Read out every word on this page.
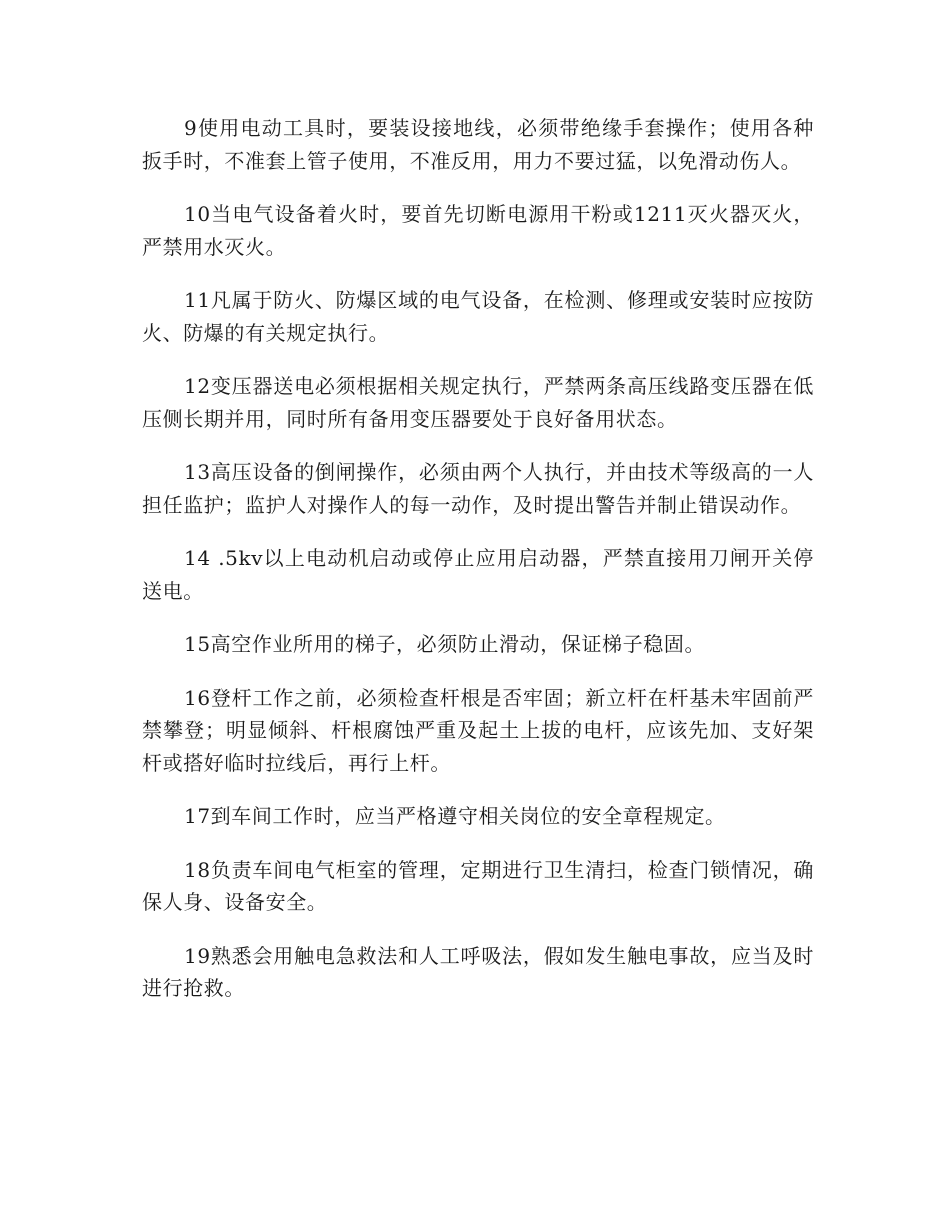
9使用电动工具时，要装设接地线，必须带绝缘手套操作；使用各种扳手时，不准套上管子使用，不准反用，用力不要过猛，以免滑动伤人。

10当电气设备着火时，要首先切断电源用干粉或1211灭火器灭火，严禁用水灭火。

11凡属于防火、防爆区域的电气设备，在检测、修理或安装时应按防火、防爆的有关规定执行。

12变压器送电必须根据相关规定执行，严禁两条高压线路变压器在低压侧长期并用，同时所有备用变压器要处于良好备用状态。

13高压设备的倒闸操作，必须由两个人执行，并由技术等级高的一人担任监护；监护人对操作人的每一动作，及时提出警告并制止错误动作。

14 .5kv以上电动机启动或停止应用启动器，严禁直接用刀闸开关停送电。

15高空作业所用的梯子，必须防止滑动，保证梯子稳固。

16登杆工作之前，必须检查杆根是否牢固；新立杆在杆基未牢固前严禁攀登；明显倾斜、杆根腐蚀严重及起土上拔的电杆，应该先加、支好架杆或搭好临时拉线后，再行上杆。

17到车间工作时，应当严格遵守相关岗位的安全章程规定。

18负责车间电气柜室的管理，定期进行卫生清扫，检查门锁情况，确保人身、设备安全。

19熟悉会用触电急救法和人工呼吸法，假如发生触电事故，应当及时进行抢救。
